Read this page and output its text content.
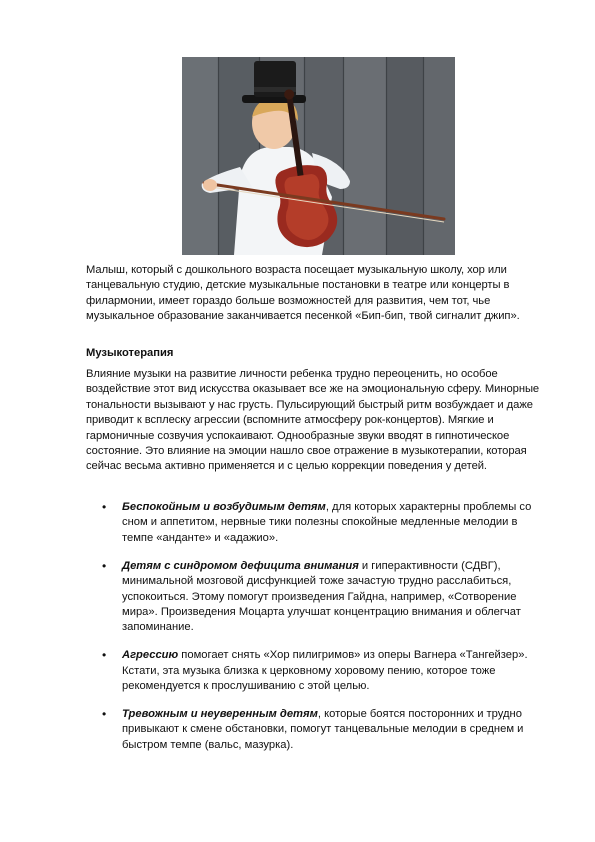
Малыш, который с дошкольного возраста посещает музыкальную школу, хор или танцевальную студию, детские музыкальные постановки в театре или концерты в филармонии, имеет гораздо больше возможностей для развития, чем тот, чье музыкальное образование заканчивается песенкой «Бип-бип, твой сигналит джип».
Музыкотерапия
Влияние музыки на развитие личности ребенка трудно переоценить, но особое воздействие этот вид искусства оказывает все же на эмоциональную сферу. Минорные тональности вызывают у нас грусть. Пульсирующий быстрый ритм возбуждает и даже приводит к всплеску агрессии (вспомните атмосферу рок-концертов). Мягкие и гармоничные созвучия успокаивают. Однообразные звуки вводят в гипнотическое состояние. Это влияние на эмоции нашло свое отражение в музыкотерапии, которая сейчас весьма активно применяется и с целью коррекции поведения у детей.
• Беспокойным и возбудимым детям, для которых характерны проблемы со сном и аппетитом, нервные тики полезны спокойные медленные мелодии в темпе «анданте» и «адажио».
• Детям с синдромом дефицита внимания и гиперактивности (СДВГ), минимальной мозговой дисфункцией тоже зачастую трудно расслабиться, успокоиться. Этому помогут произведения Гайдна, например, «Сотворение мира». Произведения Моцарта улучшат концентрацию внимания и облегчат запоминание.
• Агрессию помогает снять «Хор пилигримов» из оперы Вагнера «Тангейзер». Кстати, эта музыка близка к церковному хоровому пению, которое тоже рекомендуется к прослушиванию с этой целью.
• Тревожным и неуверенным детям, которые боятся посторонних и трудно привыкают к смене обстановки, помогут танцевальные мелодии в среднем и быстром темпе (вальс, мазурка).
